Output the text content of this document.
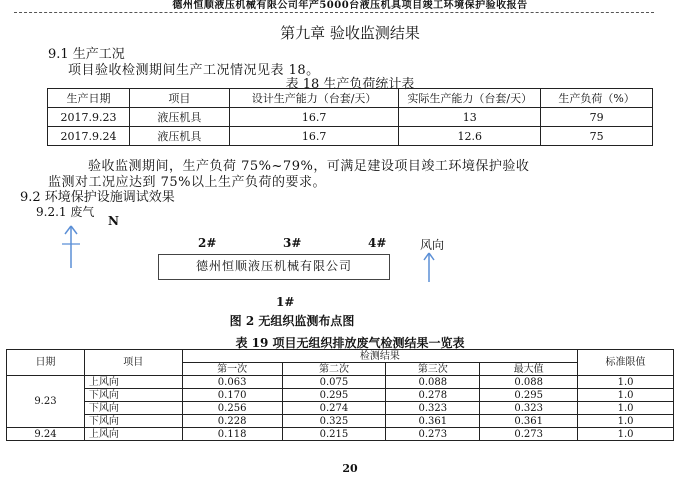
德州恒顺液压机械有限公司年产5000台液压机具项目竣工环境保护验收报告
第九章 验收监测结果
9.1 生产工况
项目验收检测期间生产工况情况见表 18。
表 18 生产负荷统计表
生产日期	项目	设计生产能力（台套/天）	实际生产能力（台套/天）	生产负荷（%）
2017.9.23	液压机具	16.7	13	79
2017.9.24	液压机具	16.7	12.6	75
验收监测期间，生产负荷 75%~79%，可满足建设项目竣工环境保护验收
监测对工况应达到 75%以上生产负荷的要求。
9.2 环境保护设施调试效果
9.2.1 废气
N
2#	3#	4#	风向
德州恒顺液压机械有限公司
1#
图 2 无组织监测布点图
表 19 项目无组织排放废气检测结果一览表
日期	项目	检测结果				标准限值
		第一次	第二次	第三次	最大值	
9.23	上风向	0.063	0.075	0.088	0.088	1.0
	下风向	0.170	0.295	0.278	0.295	1.0
	下风向	0.256	0.274	0.323	0.323	1.0
	下风向	0.228	0.325	0.361	0.361	1.0
9.24	上风向	0.118	0.215	0.273	0.273	1.0
20
